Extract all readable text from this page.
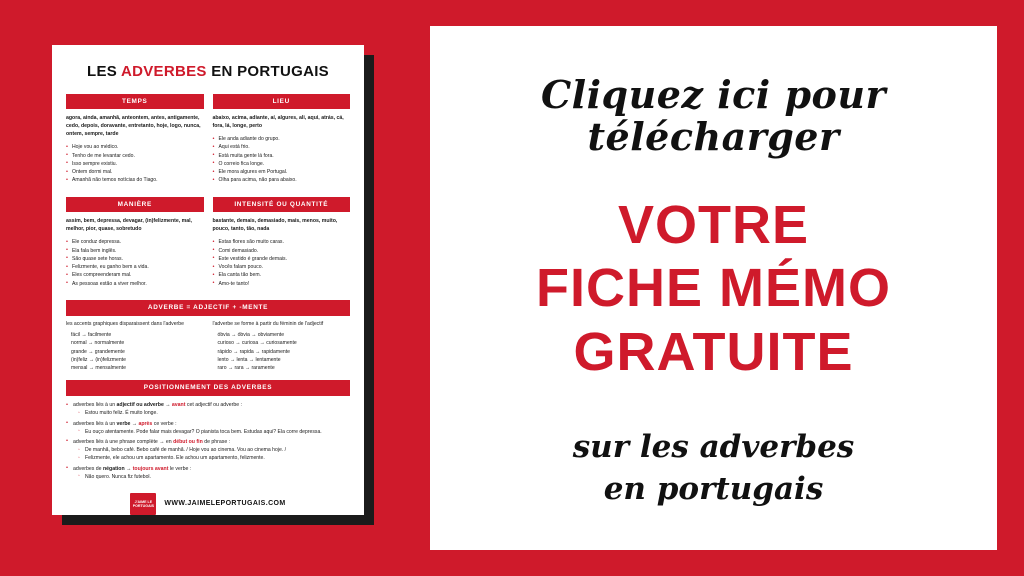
LES ADVERBES EN PORTUGAIS
TEMPS
agora, ainda, amanhã, anteontem, antes, antigamente, cedo, depois, doravante, entretanto, hoje, logo, nunca, ontem, sempre, tarde
• Hoje vou ao médico.
• Tenho de me levantar cedo.
• Isso sempre existiu.
• Ontem dormi mal.
• Amanhã não temos notícias do Tiago.
LIEU
abaixo, acima, adiante, aí, algures, ali, aqui, atrás, cá, fora, lá, longe, perto
• Ele anda adiante do grupo.
• Aqui está frio.
• Está muita gente lá fora.
• O correio fica longe.
• Ele mora algures em Portugal.
• Olha para acima, não para abaixo.
MANIÈRE
assim, bem, depressa, devagar, (in)felizmente, mal, melhor, pior, quase, sobretudo
• Ele conduz depressa.
• Ela fala bem inglês.
• São quase sete horas.
• Felizmente, eu ganho bem a vida.
• Eles compreenderam mal.
• As pessoas estão a viver melhor.
INTENSITÉ OU QUANTITÉ
bastante, demais, demasiado, mais, menos, muito, pouco, tanto, tão, nada
• Estas flores são muito caras.
• Comi demasiado.
• Este vestido é grande demais.
• Vocês falam pouco.
• Ela canta tão bem.
• Amo-te tanto!
ADVERBE = ADJECTIF + -MENTE
les accents graphiques disparaissent dans l'adverbe
fácil → facilmente
normal → normalmente
grande → grandemente
(in)feliz → (in)felizmente
mensal → mensalmente
l'adverbe se forme à partir du féminin de l'adjectif
óbvia → óbvia → obviamente
curioso → curiosa → curiosamente
rápido → rapida → rapidamente
lento → lenta → lentamente
raro → rara → raramente
POSITIONNEMENT DES ADVERBES
• adverbes liés à un adjectif ou adverbe → avant cet adjectif ou adverbe :
◦ Estou muito feliz. É muito longe.
• adverbes liés à un verbe → après ce verbe :
◦ Eu ouço atentamente. Pode falar mais devagar? O pianista toca bem. Estudas aqui? Ela corre depressa.
• adverbes liés à une phrase complète → en début ou fin de phrase :
◦ De manhã, bebo café. Bebo café de manhã. / Hoje vou ao cinema. Vou ao cinema hoje. /
◦ Felizmente, ele achou um apartamento. Ele achou um apartamento, felizmente.
• adverbes de négation → toujours avant le verbe :
◦ Não quero. Nunca fiz futebol.
J'AIME LE PORTUGAIS	WWW.JAIMELEPORTUGAIS.COM
Cliquez ici pour télécharger
VOTRE
FICHE MÉMO
GRATUITE
sur les adverbes
en portugais
